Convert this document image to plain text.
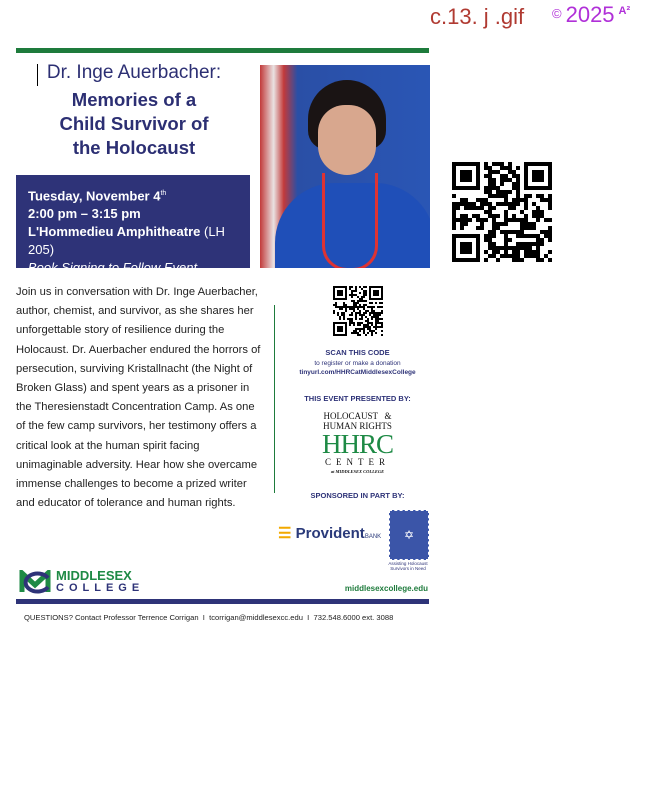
c.13. j .gif © 2025 $^{A^2}$
Dr. Inge Auerbacher:
Memories of a
Child Survivor of
the Holocaust
Tuesday, November 4th
2:00 pm – 3:15 pm
L'Hommedieu Amphitheatre (LH 205)
Book Signing to Follow Event
Join us in conversation with Dr. Inge Auerbacher, author, chemist, and survivor, as she shares her unforgettable story of resilience during the Holocaust. Dr. Auerbacher endured the horrors of persecution, surviving Kristallnacht (the Night of Broken Glass) and spent years as a prisoner in the Theresienstadt Concentration Camp. As one of the few camp survivors, her testimony offers a critical look at the human spirit facing unimaginable adversity. Hear how she overcame immense challenges to become a prized writer and educator of tolerance and human rights.
SCAN THIS CODE
to register or make a donation
tinyurl.com/HHRCatMiddlesexCollege
THIS EVENT PRESENTED BY:
HOLOCAUST   &
HUMAN RIGHTS
HHRC
CENTER
at MIDDLESEX COLLEGE
SPONSORED IN PART BY:
☰ ProvidentBANK	✡
Assisting Holocaust Survivors in Need
MIDDLESEX
COLLEGE	middlesexcollege.edu
QUESTIONS? Contact Professor Terrence Corrigan  I  tcorrigan@middlesexcc.edu  I  732.548.6000 ext. 3088
